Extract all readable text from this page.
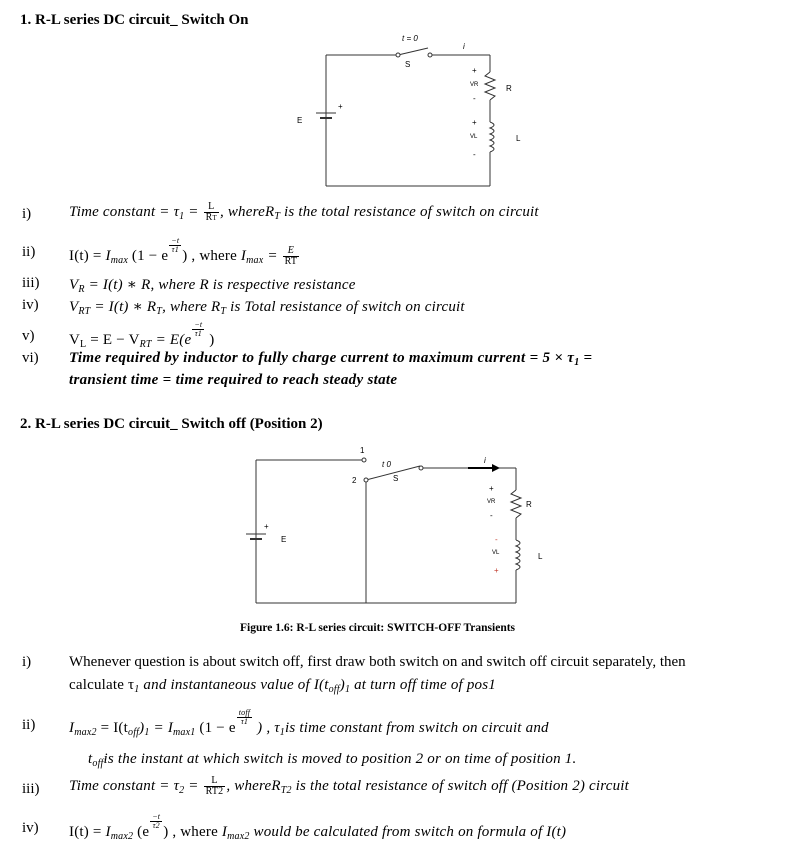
1. R-L series DC circuit_ Switch On
t = 0
S
i
+
E
+
VR
-
R
+
VL
-
L
i)	Time constant = $\tau_1 = \frac{L}{RT}$ , whereR$_T$ is the total resistance of switch on circuit
ii) $I(t) = I_{max}$ (1 − e
$\frac{-t}{\tau 1}$
) , where $I_{max} = \frac{E}{RT}$
iii) $V_R = I(t)$ ∗ R, where R is respective resistance
iv) $V_{RT} = I(t)$ ∗ $R_T$, where $R_T$ is Total resistance of switch on circuit
v) $V_L = E - V_{RT} = E(e$
$\frac{-t}{\tau 1}$
)
vi) Time required by inductor to fully charge current to maximum current = $5 \times \tau_1$ =
transient time = time required to reach steady state
2. R-L series DC circuit_ Switch off (Position 2)
1
2
t 0
S
i
+
E
+
VR
-
R
-
VL
+
L
Figure 1.6: R-L series circuit: SWITCH-OFF Transients
i)	Whenever question is about switch off, first draw both switch on and switch off circuit separately, then
calculate $\tau_1$ and instantaneous value of $I(t_{off})_1$ at turn off time of pos1
ii) $I_{max2} = I(t_{off})_1 = I_{max1}$ (1 − e
$\frac{\text{toff}}{\tau 1}$
) , $\tau_1is$ time constant from switch on circuit and
$t_{off}is$ the instant at which switch is moved to position 2 or on time of position 1.
iii) Time constant = $\tau_2 = \frac{L}{RT2}$ , whereR$_{T2}$ is the total resistance of switch off (Position 2) circuit
iv) $I(t) = I_{max2}$ (e
$\frac{-t}{\tau 2}$
) , where $I_{max2}$ would be calculated from switch on formula of I(t)
